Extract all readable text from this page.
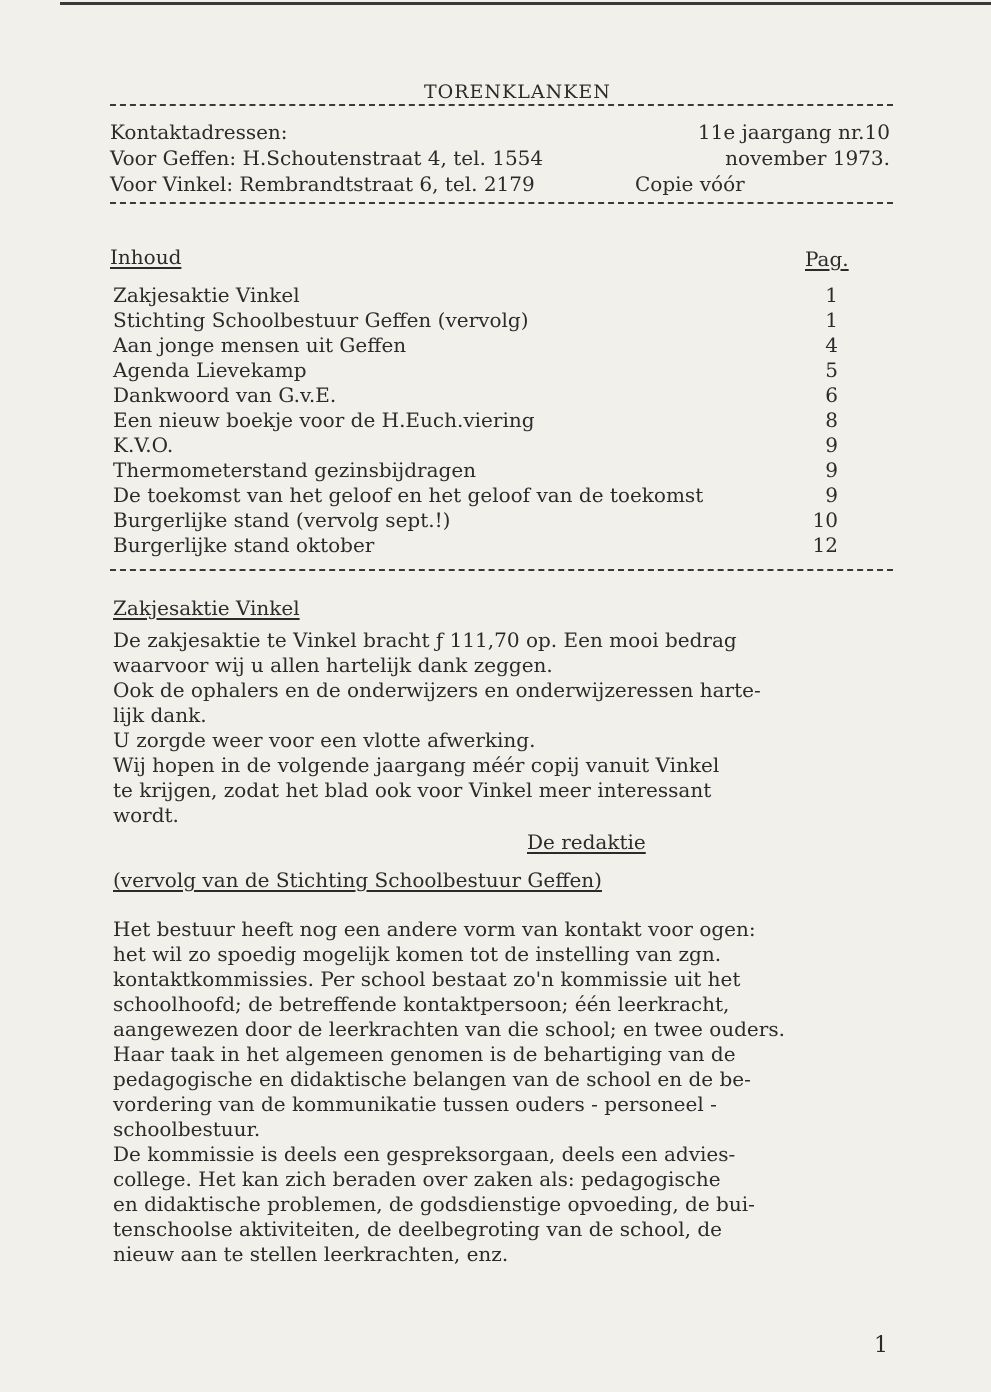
TORENKLANKEN
Kontaktadressen:
Voor Geffen: H.Schoutenstraat 4, tel. 1554
Voor Vinkel: Rembrandtstraat 6, tel. 2179
11e jaargang nr.10
november 1973.
Copie vóór
Inhoud	Pag.
Zakjesaktie Vinkel	1
Stichting Schoolbestuur Geffen (vervolg)	1
Aan jonge mensen uit Geffen	4
Agenda Lievekamp	5
Dankwoord van G.v.E.	6
Een nieuw boekje voor de H.Euch.viering	8
K.V.O.	9
Thermometerstand gezinsbijdragen	9
De toekomst van het geloof en het geloof van de toekomst	9
Burgerlijke stand (vervolg sept.!)	10
Burgerlijke stand oktober	12
Zakjesaktie Vinkel
De zakjesaktie te Vinkel bracht ƒ 111,70 op. Een mooi bedrag
waarvoor wij u allen hartelijk dank zeggen.
Ook de ophalers en de onderwijzers en onderwijzeressen harte-
lijk dank.
U zorgde weer voor een vlotte afwerking.
Wij hopen in de volgende jaargang méér copij vanuit Vinkel
te krijgen, zodat het blad ook voor Vinkel meer interessant
wordt.
De redaktie
(vervolg van de Stichting Schoolbestuur Geffen)
Het bestuur heeft nog een andere vorm van kontakt voor ogen:
het wil zo spoedig mogelijk komen tot de instelling van zgn.
kontaktkommissies. Per school bestaat zo'n kommissie uit het
schoolhoofd; de betreffende kontaktpersoon; één leerkracht,
aangewezen door de leerkrachten van die school; en twee ouders.
Haar taak in het algemeen genomen is de behartiging van de
pedagogische en didaktische belangen van de school en de be-
vordering van de kommunikatie tussen ouders - personeel -
schoolbestuur.
De kommissie is deels een gespreksorgaan, deels een advies-
college. Het kan zich beraden over zaken als: pedagogische
en didaktische problemen, de godsdienstige opvoeding, de bui-
tenschoolse aktiviteiten, de deelbegroting van de school, de
nieuw aan te stellen leerkrachten, enz.
1
